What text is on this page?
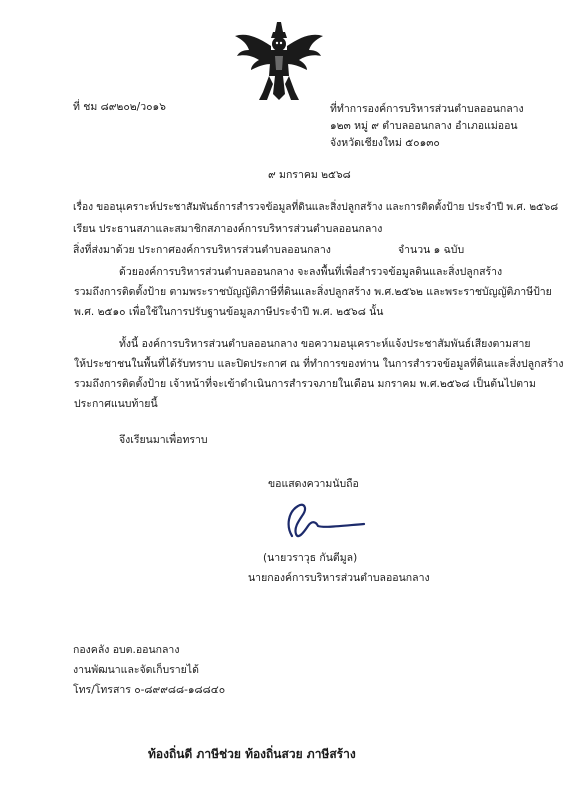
ที่ ชม ๘๙๒๐๒/ว๐๑๖	ที่ทำการองค์การบริหารส่วนตำบลออนกลาง
๑๒๓ หมู่ ๙ ตำบลออนกลาง อำเภอแม่ออน
จังหวัดเชียงใหม่ ๕๐๑๓๐
๙ มกราคม ๒๕๖๘
เรื่อง ขออนุเคราะห์ประชาสัมพันธ์การสำรวจข้อมูลที่ดินและสิ่งปลูกสร้าง และการติดตั้งป้าย ประจำปี พ.ศ. ๒๕๖๘
เรียน ประธานสภาและสมาชิกสภาองค์การบริหารส่วนตำบลออนกลาง
สิ่งที่ส่งมาด้วย ประกาศองค์การบริหารส่วนตำบลออนกลาง	จำนวน ๑ ฉบับ
ด้วยองค์การบริหารส่วนตำบลออนกลาง จะลงพื้นที่เพื่อสำรวจข้อมูลดินและสิ่งปลูกสร้าง
รวมถึงการติดตั้งป้าย ตามพระราชบัญญัติภาษีที่ดินและสิ่งปลูกสร้าง พ.ศ.๒๕๖๒ และพระราชบัญญัติภาษีป้าย
พ.ศ. ๒๕๑๐ เพื่อใช้ในการปรับฐานข้อมูลภาษีประจำปี พ.ศ. ๒๕๖๘ นั้น
ทั้งนี้ องค์การบริหารส่วนตำบลออนกลาง ขอความอนุเคราะห์แจ้งประชาสัมพันธ์เสียงตามสาย
ให้ประชาชนในพื้นที่ได้รับทราบ และปิดประกาศ ณ ที่ทำการของท่าน ในการสำรวจข้อมูลที่ดินและสิ่งปลูกสร้าง
รวมถึงการติดตั้งป้าย เจ้าหน้าที่จะเข้าดำเนินการสำรวจภายในเดือน มกราคม พ.ศ.๒๕๖๘ เป็นต้นไปตาม
ประกาศแนบท้ายนี้
จึงเรียนมาเพื่อทราบ
ขอแสดงความนับถือ
(นายวราวุธ กันตีมูล)
นายกองค์การบริหารส่วนตำบลออนกลาง
กองคลัง อบต.ออนกลาง
งานพัฒนาและจัดเก็บรายได้
โทร/โทรสาร ๐-๘๙๙๘๘-๑๘๘๔๐
ท้องถิ่นดี ภาษีช่วย ท้องถิ่นสวย ภาษีสร้าง
